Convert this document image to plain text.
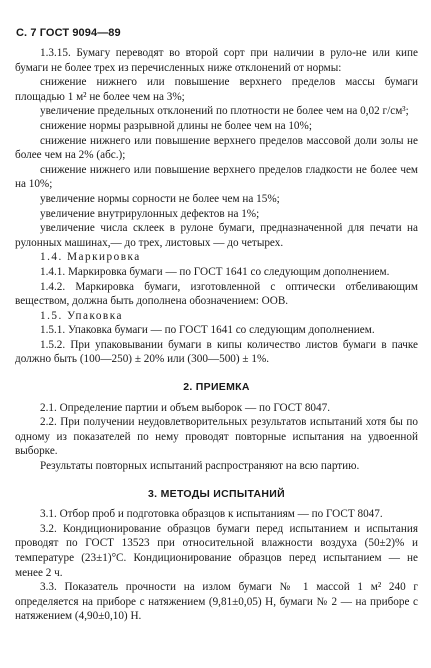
С. 7 ГОСТ 9094—89

1.3.15. Бумагу переводят во второй сорт при наличии в руло-не или кипе бумаги не более трех из перечисленных ниже отклонений от нормы:

снижение нижнего или повышение верхнего пределов массы бумаги площадью 1 м² не более чем на 3%;

увеличение предельных отклонений по плотности не более чем на 0,02 г/см³;

снижение нормы разрывной длины не более чем на 10%;

снижение нижнего или повышение верхнего пределов массовой доли золы не более чем на 2% (абс.);

снижение нижнего или повышение верхнего пределов гладкости не более чем на 10%;

увеличение нормы сорности не более чем на 15%;

увеличение внутрирулонных дефектов на 1%;

увеличение числа склеек в рулоне бумаги, предназначенной для печати на рулонных машинах,— до трех, листовых — до четырех.

1.4. Маркировка

1.4.1. Маркировка бумаги — по ГОСТ 1641 со следующим дополнением.

1.4.2. Маркировка бумаги, изготовленной с оптически отбеливающим веществом, должна быть дополнена обозначением: ООВ.

1.5. Упаковка

1.5.1. Упаковка бумаги — по ГОСТ 1641 со следующим дополнением.

1.5.2. При упаковывании бумаги в кипы количество листов бумаги в пачке должно быть (100—250) ± 20% или (300—500) ± 1%.

2. ПРИЕМКА

2.1. Определение партии и объем выборок — по ГОСТ 8047.

2.2. При получении неудовлетворительных результатов испытаний хотя бы по одному из показателей по нему проводят повторные испытания на удвоенной выборке.

Результаты повторных испытаний распространяют на всю партию.

3. МЕТОДЫ ИСПЫТАНИЙ

3.1. Отбор проб и подготовка образцов к испытаниям — по ГОСТ 8047.

3.2. Кондиционирование образцов бумаги перед испытанием и испытания проводят по ГОСТ 13523 при относительной влажности воздуха (50±2)% и температуре (23±1)°С. Кондиционирование образцов перед испытанием — не менее 2 ч.

3.3. Показатель прочности на излом бумаги № 1 массой 1 м² 240 г определяется на приборе с натяжением (9,81±0,05) Н, бумаги № 2 — на приборе с натяжением (4,90±0,10) Н.
